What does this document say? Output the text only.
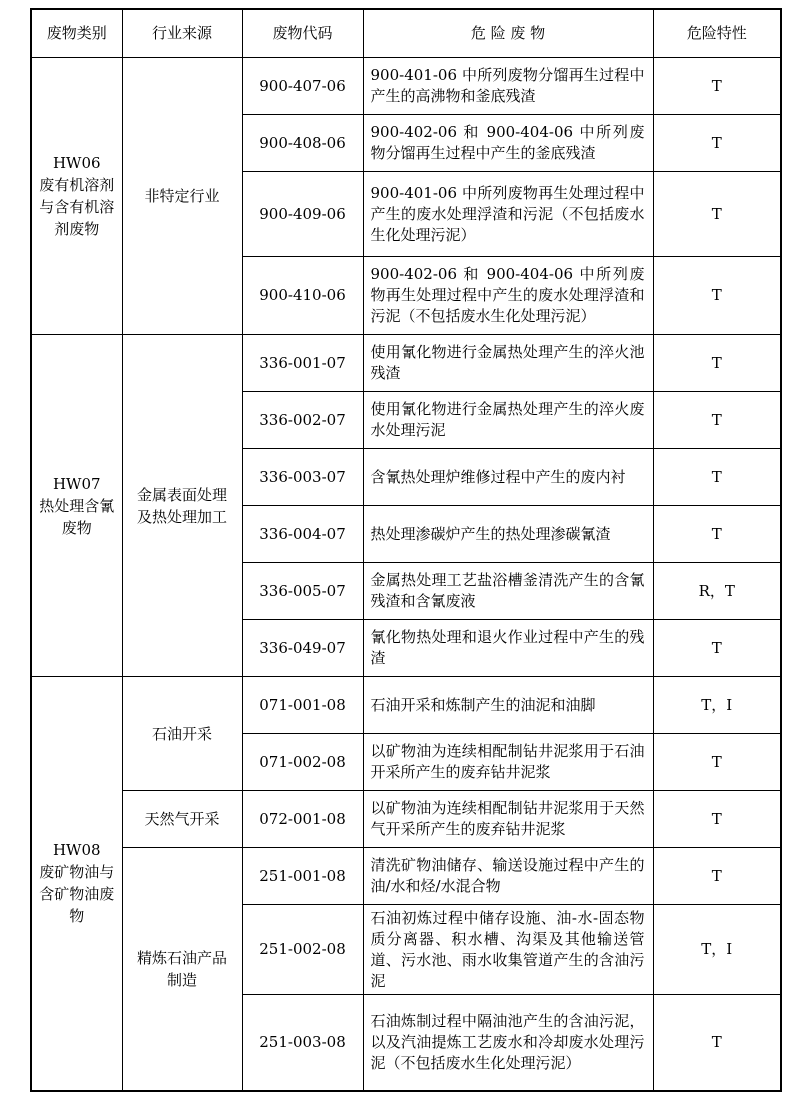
废物类别	行业来源	废物代码	危 险 废 物	危险特性

HW06
废有机溶剂与含有机溶剂废物	非特定行业	900-407-06	900-401-06 中所列废物分馏再生过程中产生的高沸物和釜底残渣	T
		900-408-06	900-402-06 和 900-404-06 中所列废物分馏再生过程中产生的釜底残渣	T
		900-409-06	900-401-06 中所列废物再生处理过程中产生的废水处理浮渣和污泥（不包括废水生化处理污泥）	T
		900-410-06	900-402-06 和 900-404-06 中所列废物再生处理过程中产生的废水处理浮渣和污泥（不包括废水生化处理污泥）	T

HW07
热处理含氰废物	金属表面处理及热处理加工	336-001-07	使用氰化物进行金属热处理产生的淬火池残渣	T
		336-002-07	使用氰化物进行金属热处理产生的淬火废水处理污泥	T
		336-003-07	含氰热处理炉维修过程中产生的废内衬	T
		336-004-07	热处理渗碳炉产生的热处理渗碳氰渣	T
		336-005-07	金属热处理工艺盐浴槽釜清洗产生的含氰残渣和含氰废液	R，T
		336-049-07	氰化物热处理和退火作业过程中产生的残渣	T

HW08
废矿物油与含矿物油废物	石油开采	071-001-08	石油开采和炼制产生的油泥和油脚	T，I
		071-002-08	以矿物油为连续相配制钻井泥浆用于石油开采所产生的废弃钻井泥浆	T
	天然气开采	072-001-08	以矿物油为连续相配制钻井泥浆用于天然气开采所产生的废弃钻井泥浆	T
	精炼石油产品制造	251-001-08	清洗矿物油储存、输送设施过程中产生的油/水和烃/水混合物	T
		251-002-08	石油初炼过程中储存设施、油-水-固态物质分离器、积水槽、沟渠及其他输送管道、污水池、雨水收集管道产生的含油污泥	T，I
		251-003-08	石油炼制过程中隔油池产生的含油污泥，以及汽油提炼工艺废水和冷却废水处理污泥（不包括废水生化处理污泥）	T
